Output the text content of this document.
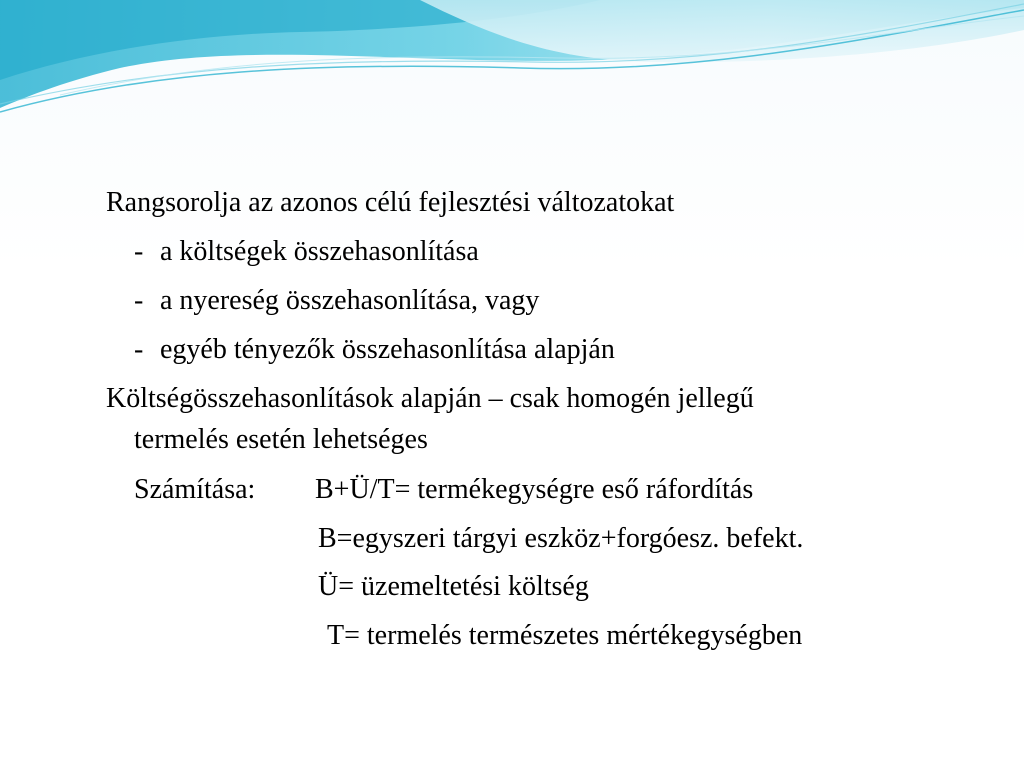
Rangsorolja az azonos célú fejlesztési változatokat

- a költségek összehasonlítása

- a nyereség összehasonlítása, vagy

- egyéb tényezők összehasonlítása alapján

Költségösszehasonlítások alapján – csak homogén jellegű

termelés esetén lehetséges

Számítása: B+Ü/T= termékegységre eső ráfordítás

B=egyszeri tárgyi eszköz+forgóesz. befekt.

Ü= üzemeltetési költség

T= termelés természetes mértékegységben
